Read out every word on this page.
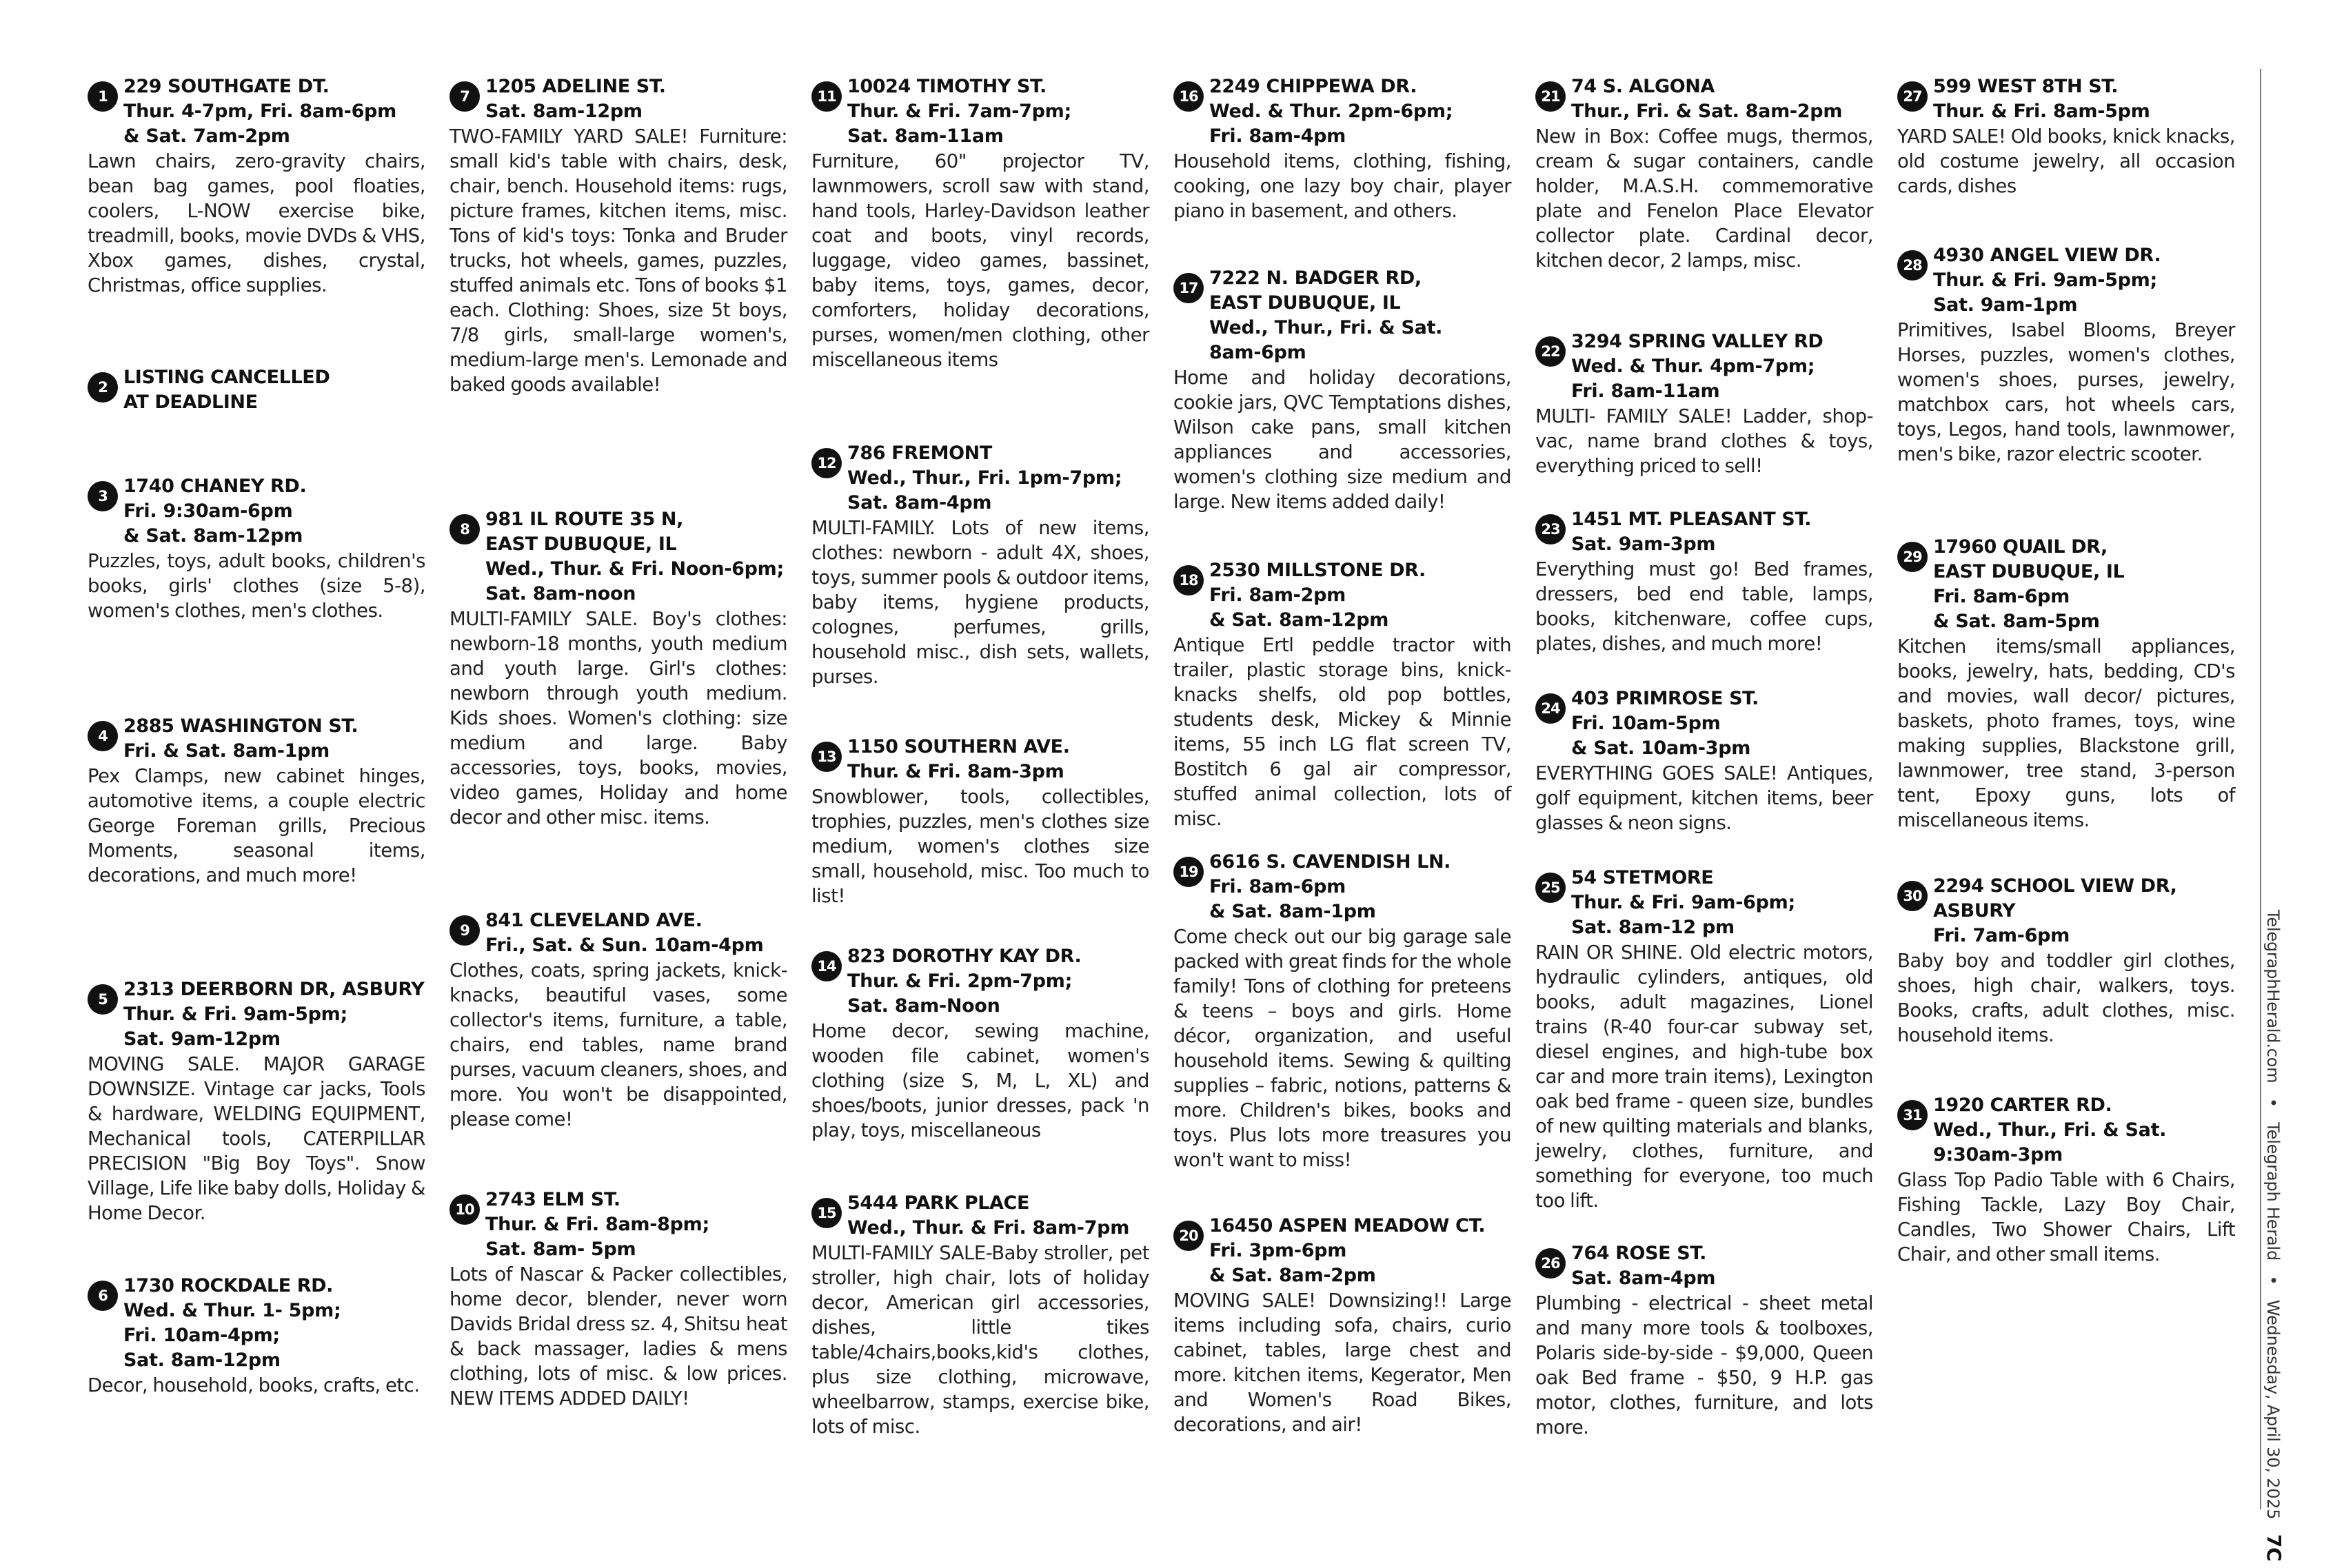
1 229 SOUTHGATE DT.
Thur. 4-7pm, Fri. 8am-6pm
& Sat. 7am-2pm
Lawn chairs, zero-gravity chairs, bean bag games, pool floaties, coolers, L-NOW exercise bike, treadmill, books, movie DVDs & VHS, Xbox games, dishes, crystal, Christmas, office supplies.
2 LISTING CANCELLED
AT DEADLINE
3 1740 CHANEY RD.
Fri. 9:30am-6pm
& Sat. 8am-12pm
Puzzles, toys, adult books, children's books, girls' clothes (size 5-8), women's clothes, men's clothes.
4 2885 WASHINGTON ST.
Fri. & Sat. 8am-1pm
Pex Clamps, new cabinet hinges, automotive items, a couple electric George Foreman grills, Precious Moments, seasonal items, decorations, and much more!
5 2313 DEERBORN DR, ASBURY
Thur. & Fri. 9am-5pm;
Sat. 9am-12pm
MOVING SALE. MAJOR GARAGE DOWNSIZE. Vintage car jacks, Tools & hardware, WELDING EQUIPMENT, Mechanical tools, CATERPILLAR PRECISION "Big Boy Toys". Snow Village, Life like baby dolls, Holiday & Home Decor.
6 1730 ROCKDALE RD.
Wed. & Thur. 1- 5pm;
Fri. 10am-4pm;
Sat. 8am-12pm
Decor, household, books, crafts, etc.
7 1205 ADELINE ST.
Sat. 8am-12pm
TWO-FAMILY YARD SALE! Furniture: small kid's table with chairs, desk, chair, bench. Household items: rugs, picture frames, kitchen items, misc. Tons of kid's toys: Tonka and Bruder trucks, hot wheels, games, puzzles, stuffed animals etc. Tons of books $1 each. Clothing: Shoes, size 5t boys, 7/8 girls, small-large women's, medium-large men's. Lemonade and baked goods available!
8 981 IL ROUTE 35 N,
EAST DUBUQUE, IL
Wed., Thur. & Fri. Noon-6pm;
Sat. 8am-noon
MULTI-FAMILY SALE. Boy's clothes: newborn-18 months, youth medium and youth large. Girl's clothes: newborn through youth medium. Kids shoes. Women's clothing: size medium and large. Baby accessories, toys, books, movies, video games, Holiday and home decor and other misc. items.
9 841 CLEVELAND AVE.
Fri., Sat. & Sun. 10am-4pm
Clothes, coats, spring jackets, knick-knacks, beautiful vases, some collector's items, furniture, a table, chairs, end tables, name brand purses, vacuum cleaners, shoes, and more. You won't be disappointed, please come!
10 2743 ELM ST.
Thur. & Fri. 8am-8pm;
Sat. 8am- 5pm
Lots of Nascar & Packer collectibles, home decor, blender, never worn Davids Bridal dress sz. 4, Shitsu heat & back massager, ladies & mens clothing, lots of misc. & low prices. NEW ITEMS ADDED DAILY!
11 10024 TIMOTHY ST.
Thur. & Fri. 7am-7pm;
Sat. 8am-11am
Furniture, 60" projector TV, lawnmowers, scroll saw with stand, hand tools, Harley-Davidson leather coat and boots, vinyl records, luggage, video games, bassinet, baby items, toys, games, decor, comforters, holiday decorations, purses, women/men clothing, other miscellaneous items
12 786 FREMONT
Wed., Thur., Fri. 1pm-7pm;
Sat. 8am-4pm
MULTI-FAMILY. Lots of new items, clothes: newborn - adult 4X, shoes, toys, summer pools & outdoor items, baby items, hygiene products, colognes, perfumes, grills, household misc., dish sets, wallets, purses.
13 1150 SOUTHERN AVE.
Thur. & Fri. 8am-3pm
Snowblower, tools, collectibles, trophies, puzzles, men's clothes size medium, women's clothes size small, household, misc. Too much to list!
14 823 DOROTHY KAY DR.
Thur. & Fri. 2pm-7pm;
Sat. 8am-Noon
Home decor, sewing machine, wooden file cabinet, women's clothing (size S, M, L, XL) and shoes/boots, junior dresses, pack 'n play, toys, miscellaneous
15 5444 PARK PLACE
Wed., Thur. & Fri. 8am-7pm
MULTI-FAMILY SALE-Baby stroller, pet stroller, high chair, lots of holiday decor, American girl accessories, dishes, little tikes table/4chairs,books,kid's clothes, plus size clothing, microwave, wheelbarrow, stamps, exercise bike, lots of misc.
16 2249 CHIPPEWA DR.
Wed. & Thur. 2pm-6pm;
Fri. 8am-4pm
Household items, clothing, fishing, cooking, one lazy boy chair, player piano in basement, and others.
17 7222 N. BADGER RD,
EAST DUBUQUE, IL
Wed., Thur., Fri. & Sat.
8am-6pm
Home and holiday decorations, cookie jars, QVC Temptations dishes, Wilson cake pans, small kitchen appliances and accessories, women's clothing size medium and large. New items added daily!
18 2530 MILLSTONE DR.
Fri. 8am-2pm
& Sat. 8am-12pm
Antique Ertl peddle tractor with trailer, plastic storage bins, knick-knacks shelfs, old pop bottles, students desk, Mickey & Minnie items, 55 inch LG flat screen TV, Bostitch 6 gal air compressor, stuffed animal collection, lots of misc.
19 6616 S. CAVENDISH LN.
Fri. 8am-6pm
& Sat. 8am-1pm
Come check out our big garage sale packed with great finds for the whole family! Tons of clothing for preteens & teens – boys and girls. Home décor, organization, and useful household items. Sewing & quilting supplies – fabric, notions, patterns & more. Children's bikes, books and toys. Plus lots more treasures you won't want to miss!
20 16450 ASPEN MEADOW CT.
Fri. 3pm-6pm
& Sat. 8am-2pm
MOVING SALE! Downsizing!! Large items including sofa, chairs, curio cabinet, tables, large chest and more. kitchen items, Kegerator, Men and Women's Road Bikes, decorations, and air!
21 74 S. ALGONA
Thur., Fri. & Sat. 8am-2pm
New in Box: Coffee mugs, thermos, cream & sugar containers, candle holder, M.A.S.H. commemorative plate and Fenelon Place Elevator collector plate. Cardinal decor, kitchen decor, 2 lamps, misc.
22 3294 SPRING VALLEY RD
Wed. & Thur. 4pm-7pm;
Fri. 8am-11am
MULTI- FAMILY SALE! Ladder, shop-vac, name brand clothes & toys, everything priced to sell!
23 1451 MT. PLEASANT ST.
Sat. 9am-3pm
Everything must go! Bed frames, dressers, bed end table, lamps, books, kitchenware, coffee cups, plates, dishes, and much more!
24 403 PRIMROSE ST.
Fri. 10am-5pm
& Sat. 10am-3pm
EVERYTHING GOES SALE! Antiques, golf equipment, kitchen items, beer glasses & neon signs.
25 54 STETMORE
Thur. & Fri. 9am-6pm;
Sat. 8am-12 pm
RAIN OR SHINE. Old electric motors, hydraulic cylinders, antiques, old books, adult magazines, Lionel trains (R-40 four-car subway set, diesel engines, and high-tube box car and more train items), Lexington oak bed frame - queen size, bundles of new quilting materials and blanks, jewelry, clothes, furniture, and something for everyone, too much too lift.
26 764 ROSE ST.
Sat. 8am-4pm
Plumbing - electrical - sheet metal and many more tools & toolboxes, Polaris side-by-side - $9,000, Queen oak Bed frame - $50, 9 H.P. gas motor, clothes, furniture, and lots more.
27 599 WEST 8TH ST.
Thur. & Fri. 8am-5pm
YARD SALE! Old books, knick knacks, old costume jewelry, all occasion cards, dishes
28 4930 ANGEL VIEW DR.
Thur. & Fri. 9am-5pm;
Sat. 9am-1pm
Primitives, Isabel Blooms, Breyer Horses, puzzles, women's clothes, women's shoes, purses, jewelry, matchbox cars, hot wheels cars, toys, Legos, hand tools, lawnmower, men's bike, razor electric scooter.
29 17960 QUAIL DR,
EAST DUBUQUE, IL
Fri. 8am-6pm
& Sat. 8am-5pm
Kitchen items/small appliances, books, jewelry, hats, bedding, CD's and movies, wall decor/ pictures, baskets, photo frames, toys, wine making supplies, Blackstone grill, lawnmower, tree stand, 3-person tent, Epoxy guns, lots of miscellaneous items.
30 2294 SCHOOL VIEW DR,
ASBURY
Fri. 7am-6pm
Baby boy and toddler girl clothes, shoes, high chair, walkers, toys. Books, crafts, adult clothes, misc. household items.
31 1920 CARTER RD.
Wed., Thur., Fri. & Sat.
9:30am-3pm
Glass Top Padio Table with 6 Chairs, Fishing Tackle, Lazy Boy Chair, Candles, Two Shower Chairs, Lift Chair, and other small items.
TelegraphHerald.com • Telegraph Herald • Wednesday, April 30, 2025 7C
